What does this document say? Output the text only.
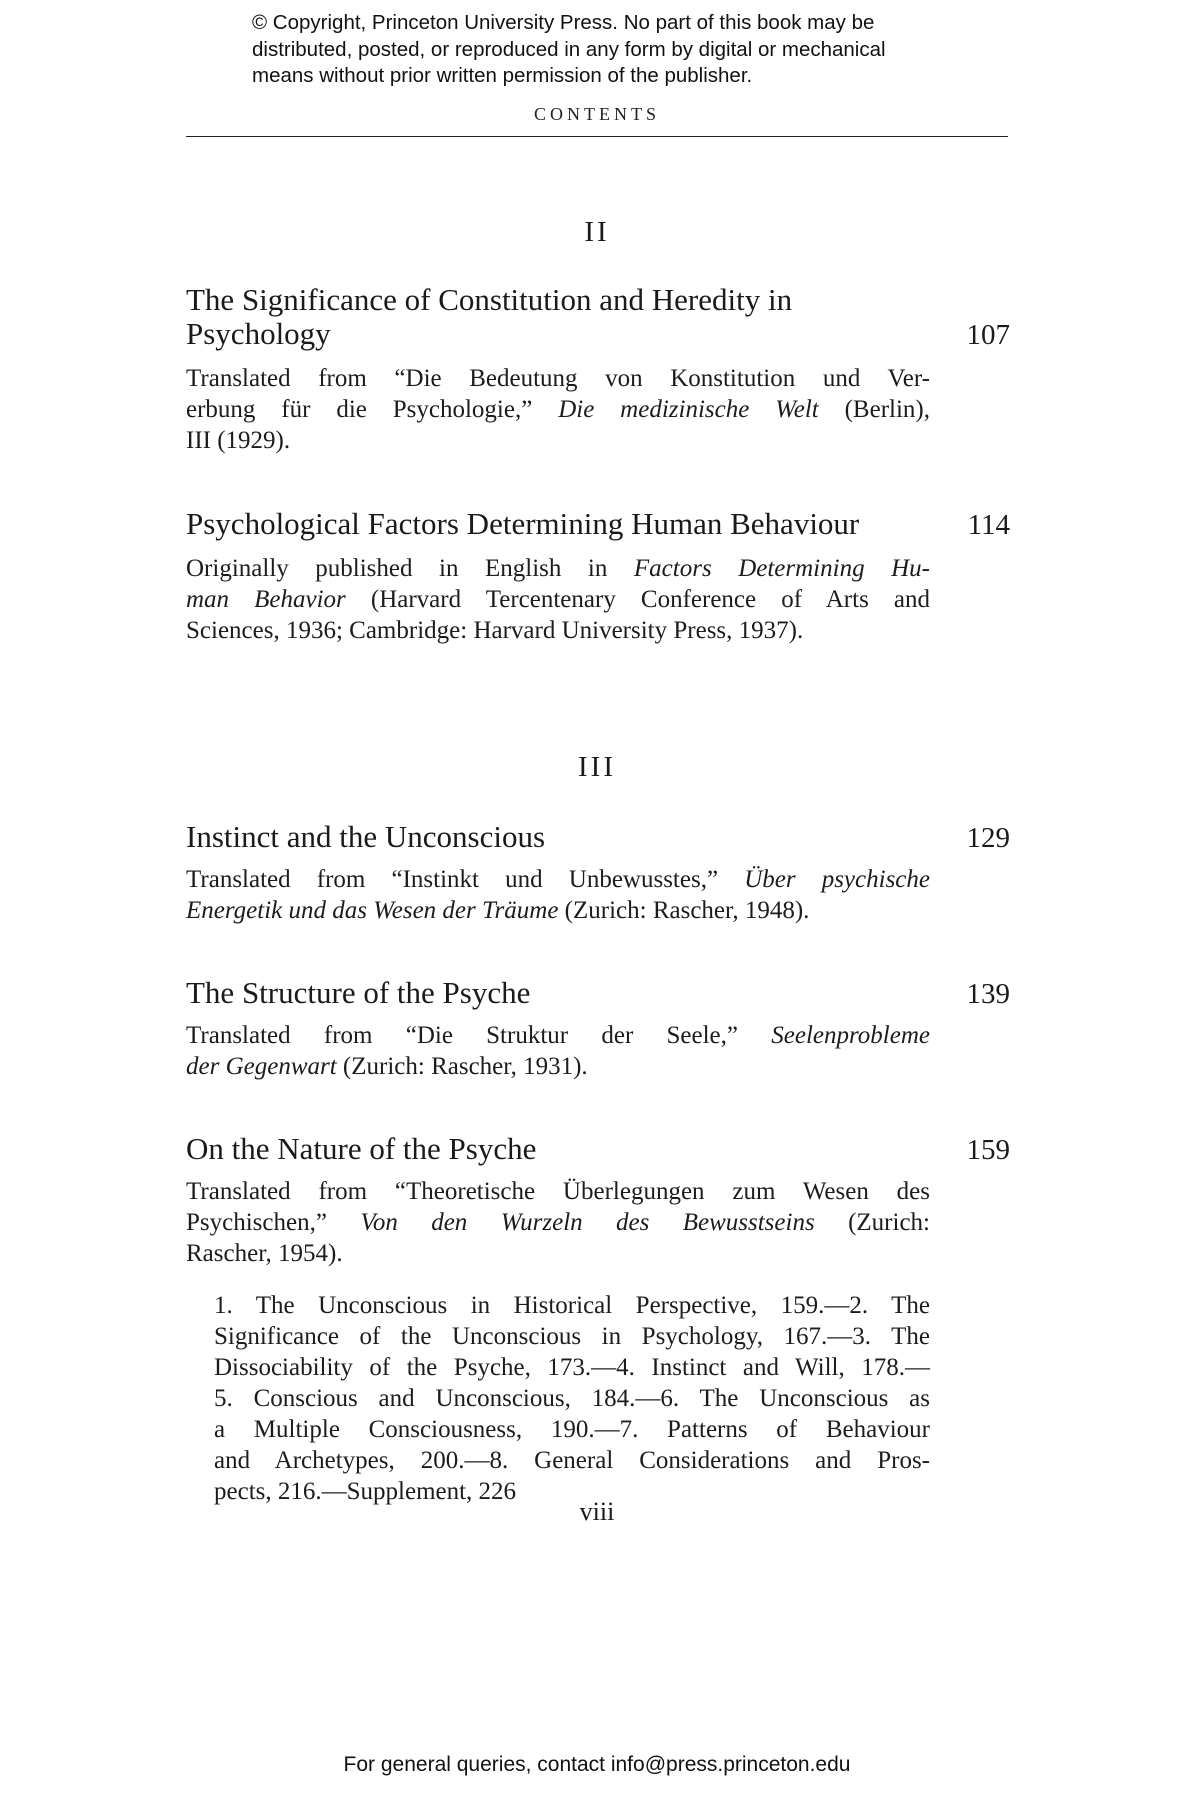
© Copyright, Princeton University Press. No part of this book may be
distributed, posted, or reproduced in any form by digital or mechanical
means without prior written permission of the publisher.
CONTENTS
II
The Significance of Constitution and Heredity in
Psychology	107
Translated from “Die Bedeutung von Konstitution und Ver-
erbung für die Psychologie,” Die medizinische Welt (Berlin),
III (1929).
Psychological Factors Determining Human Behaviour	114
Originally published in English in Factors Determining Hu-
man Behavior (Harvard Tercentenary Conference of Arts and
Sciences, 1936; Cambridge: Harvard University Press, 1937).
III
Instinct and the Unconscious	129
Translated from “Instinkt und Unbewusstes,” Über psychische
Energetik und das Wesen der Träume (Zurich: Rascher, 1948).
The Structure of the Psyche	139
Translated from “Die Struktur der Seele,” Seelenprobleme
der Gegenwart (Zurich: Rascher, 1931).
On the Nature of the Psyche	159
Translated from “Theoretische Überlegungen zum Wesen des
Psychischen,” Von den Wurzeln des Bewusstseins (Zurich:
Rascher, 1954).
1. The Unconscious in Historical Perspective, 159.—2. The
Significance of the Unconscious in Psychology, 167.—3. The
Dissociability of the Psyche, 173.—4. Instinct and Will, 178.—
5. Conscious and Unconscious, 184.—6. The Unconscious as
a Multiple Consciousness, 190.—7. Patterns of Behaviour
and Archetypes, 200.—8. General Considerations and Pros-
pects, 216.—Supplement, 226
viii
For general queries, contact info@press.princeton.edu
